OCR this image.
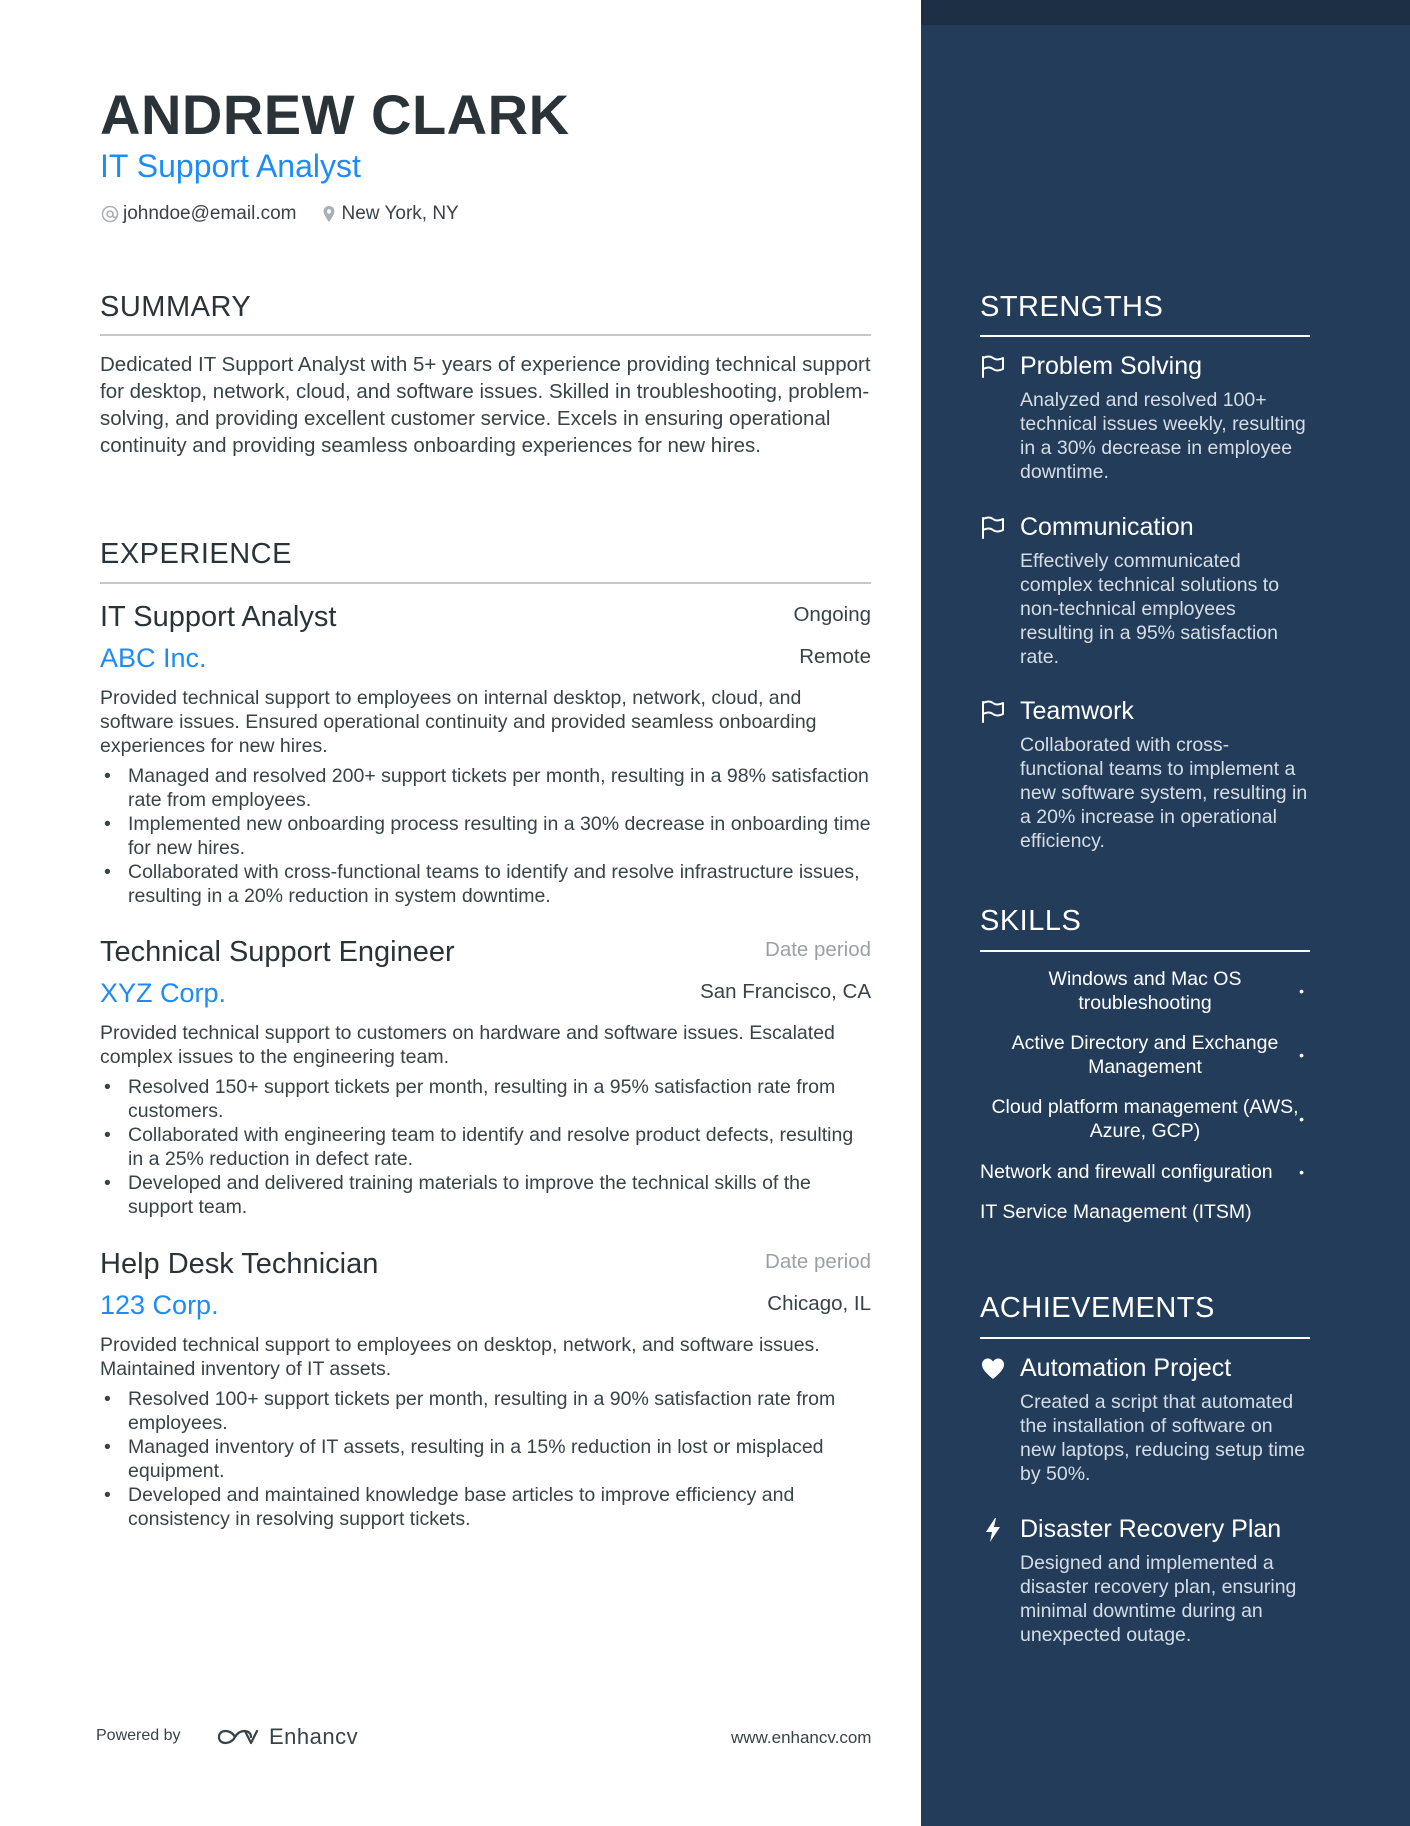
ANDREW CLARK
IT Support Analyst
johndoe@email.com New York, NY
SUMMARY

Dedicated IT Support Analyst with 5+ years of experience providing technical support for desktop, network, cloud, and software issues. Skilled in troubleshooting, problem-solving, and providing excellent customer service. Excels in ensuring operational continuity and providing seamless onboarding experiences for new hires.

EXPERIENCE
IT Support Analyst	Ongoing
ABC Inc.	Remote

Provided technical support to employees on internal desktop, network, cloud, and software issues. Ensured operational continuity and provided seamless onboarding experiences for new hires.

• Managed and resolved 200+ support tickets per month, resulting in a 98% satisfaction rate from employees.
• Implemented new onboarding process resulting in a 30% decrease in onboarding time for new hires.
• Collaborated with cross-functional teams to identify and resolve infrastructure issues, resulting in a 20% reduction in system downtime.
Technical Support Engineer	Date period
XYZ Corp.	San Francisco, CA

Provided technical support to customers on hardware and software issues. Escalated complex issues to the engineering team.

• Resolved 150+ support tickets per month, resulting in a 95% satisfaction rate from customers.
• Collaborated with engineering team to identify and resolve product defects, resulting in a 25% reduction in defect rate.
• Developed and delivered training materials to improve the technical skills of the support team.
Help Desk Technician	Date period
123 Corp.	Chicago, IL

Provided technical support to employees on desktop, network, and software issues. Maintained inventory of IT assets.

• Resolved 100+ support tickets per month, resulting in a 90% satisfaction rate from employees.
• Managed inventory of IT assets, resulting in a 15% reduction in lost or misplaced equipment.
• Developed and maintained knowledge base articles to improve efficiency and consistency in resolving support tickets.
Powered by	Enhancv	www.enhancv.com
STRENGTHS
Problem Solving

Analyzed and resolved 100+ technical issues weekly, resulting in a 30% decrease in employee downtime.

Communication

Effectively communicated complex technical solutions to non-technical employees resulting in a 95% satisfaction rate.

Teamwork

Collaborated with cross-functional teams to implement a new software system, resulting in a 20% increase in operational efficiency.

SKILLS
Windows and Mac OS troubleshooting
•
Active Directory and Exchange Management
•
Cloud platform management (AWS, Azure, GCP)
•
Network and firewall configuration	•
IT Service Management (ITSM)
ACHIEVEMENTS
Automation Project

Created a script that automated the installation of software on new laptops, reducing setup time by 50%.

Disaster Recovery Plan

Designed and implemented a disaster recovery plan, ensuring minimal downtime during an unexpected outage.
